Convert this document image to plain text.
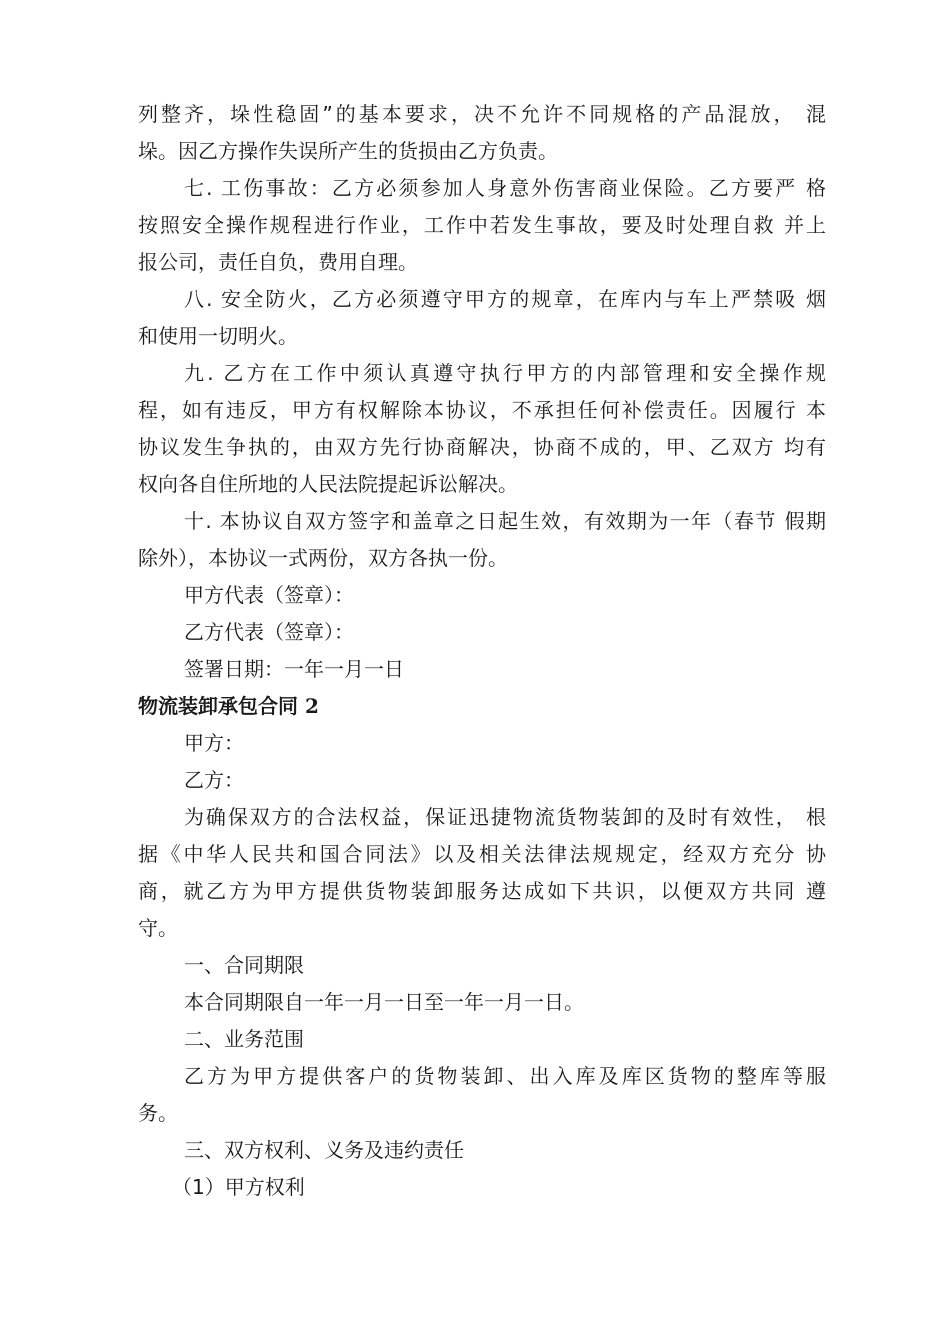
列整齐，垛性稳固”的基本要求，决不允许不同规格的产品混放， 混
垛。因乙方操作失误所产生的货损由乙方负责。
七. 工伤事故：乙方必须参加人身意外伤害商业保险。乙方要严 格
按照安全操作规程进行作业，工作中若发生事故，要及时处理自救 并上
报公司，责任自负，费用自理。
八. 安全防火，乙方必须遵守甲方的规章，在库内与车上严禁吸 烟
和使用一切明火。
九. 乙方在工作中须认真遵守执行甲方的内部管理和安全操作规
程，如有违反，甲方有权解除本协议，不承担任何补偿责任。因履行 本
协议发生争执的，由双方先行协商解决，协商不成的，甲、乙双方 均有
权向各自住所地的人民法院提起诉讼解决。
十. 本协议自双方签字和盖章之日起生效，有效期为一年（春节 假期
除外），本协议一式两份，双方各执一份。
甲方代表（签章）：
乙方代表（签章）：
签署日期：一年一月一日
物流装卸承包合同 2
甲方：
乙方：
为确保双方的合法权益，保证迅捷物流货物装卸的及时有效性， 根
据《中华人民共和国合同法》以及相关法律法规规定，经双方充分 协
商，就乙方为甲方提供货物装卸服务达成如下共识，以便双方共同 遵
守。
一、合同期限
本合同期限自一年一月一日至一年一月一日。
二、业务范围
乙方为甲方提供客户的货物装卸、出入库及库区货物的整库等服
务。
三、双方权利、义务及违约责任
（1）甲方权利
